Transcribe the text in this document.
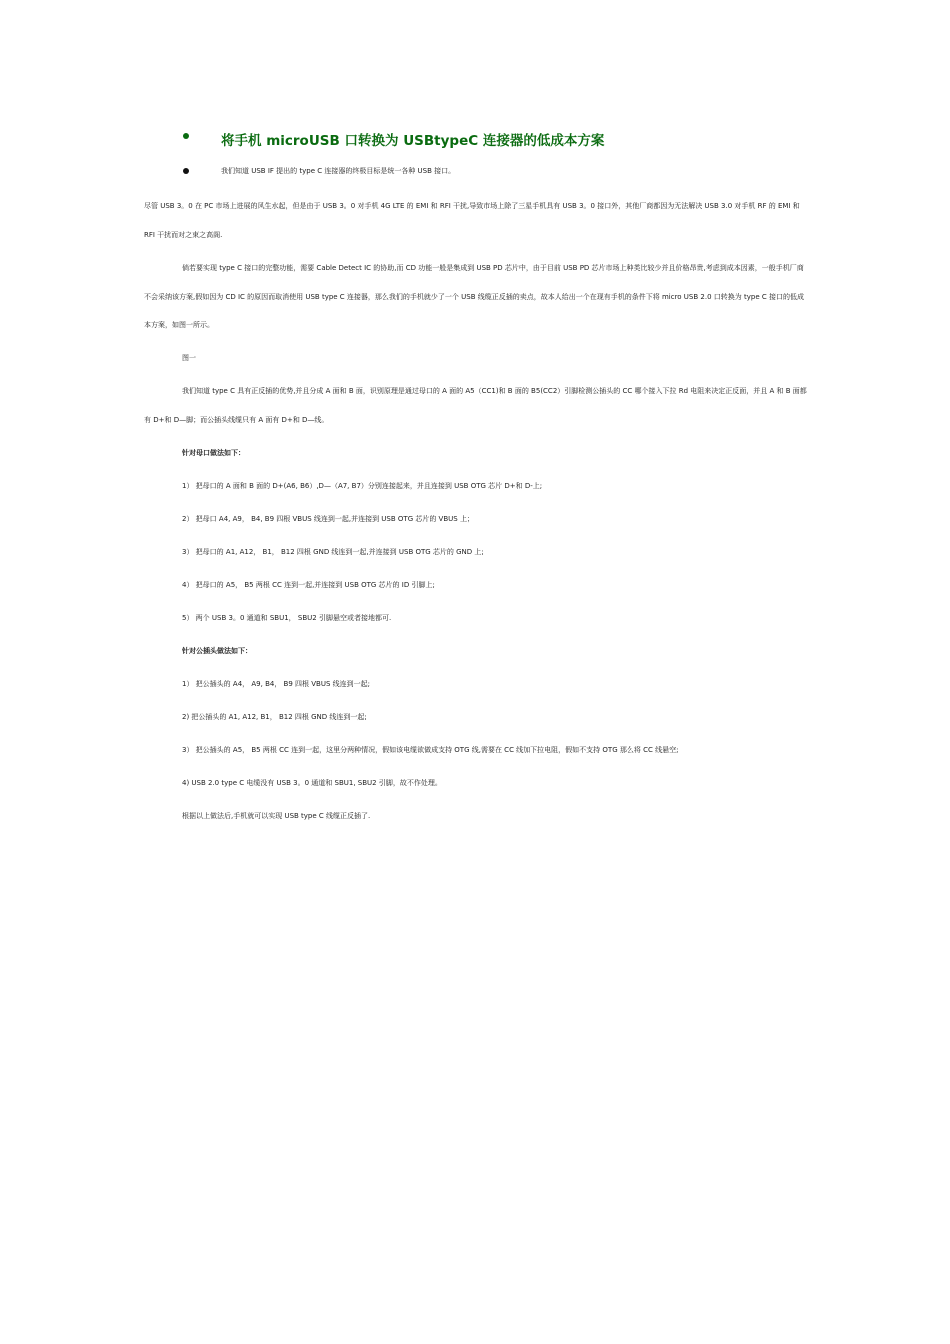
将手机 microUSB 口转换为 USBtypeC 连接器的低成本方案
我们知道 USB IF 提出的 type C 连接器的终极目标是统一各种 USB 接口。
尽管 USB 3。0 在 PC 市场上进展的风生水起，但是由于 USB 3。0 对手机 4G LTE 的 EMI 和 RFI 干扰,导致市场上除了三星手机具有 USB 3。0 接口外，其他厂商都因为无法解决 USB 3.0 对手机 RF 的 EMI 和
RFI 干扰而对之束之高阁.
倘若要实现 type C 接口的完整功能，需要 Cable Detect IC 的协助,而 CD 功能一般是集成到 USB PD 芯片中，由于目前 USB PD 芯片市场上种类比较少并且价格昂贵,考虑到成本因素，一般手机厂商
不会采纳该方案,假如因为 CD IC 的原因而取消使用 USB type C 连接器，那么我们的手机就少了一个 USB 线缆正反插的卖点，故本人给出一个在现有手机的条件下将 micro USB 2.0 口转换为 type C 接口的低成
本方案，如图一所示。
图一
我们知道 type C 具有正反插的优势,并且分成 A 面和 B 面，识别原理是通过母口的 A 面的 A5（CC1)和 B 面的 B5(CC2）引脚检测公插头的 CC 哪个接入下拉 Rd 电阻来决定正反面，并且 A 和 B 面都
有 D+和 D—脚；而公插头线缆只有 A 面有 D+和 D—线。
针对母口做法如下：
1） 把母口的 A 面和 B 面的 D+(A6, B6）,D—（A7, B7）分别连接起来，并且连接到 USB OTG 芯片 D+和 D-上;
2） 把母口 A4, A9， B4, B9 四根 VBUS 线连到一起,并连接到 USB OTG 芯片的 VBUS 上；
3） 把母口的 A1, A12， B1， B12 四根 GND 线连到一起,并连接到 USB OTG 芯片的 GND 上;
4） 把母口的 A5， B5 两根 CC 连到一起,并连接到 USB OTG 芯片的 ID 引脚上;
5） 两个 USB 3。0 通道和 SBU1， SBU2 引脚悬空或者接地都可.
针对公插头做法如下：
1） 把公插头的 A4， A9, B4， B9 四根 VBUS 线连到一起;
2) 把公插头的 A1, A12, B1， B12 四根 GND 线连到一起;
3） 把公插头的 A5， B5 两根 CC 连到一起，这里分两种情况，假如该电缆欲做成支持 OTG 线,需要在 CC 线加下拉电阻，假如不支持 OTG 那么将 CC 线悬空;
4) USB 2.0 type C 电缆没有 USB 3。0 通道和 SBU1, SBU2 引脚，故不作处理。
根据以上做法后,手机就可以实现 USB type C 线缆正反插了.
